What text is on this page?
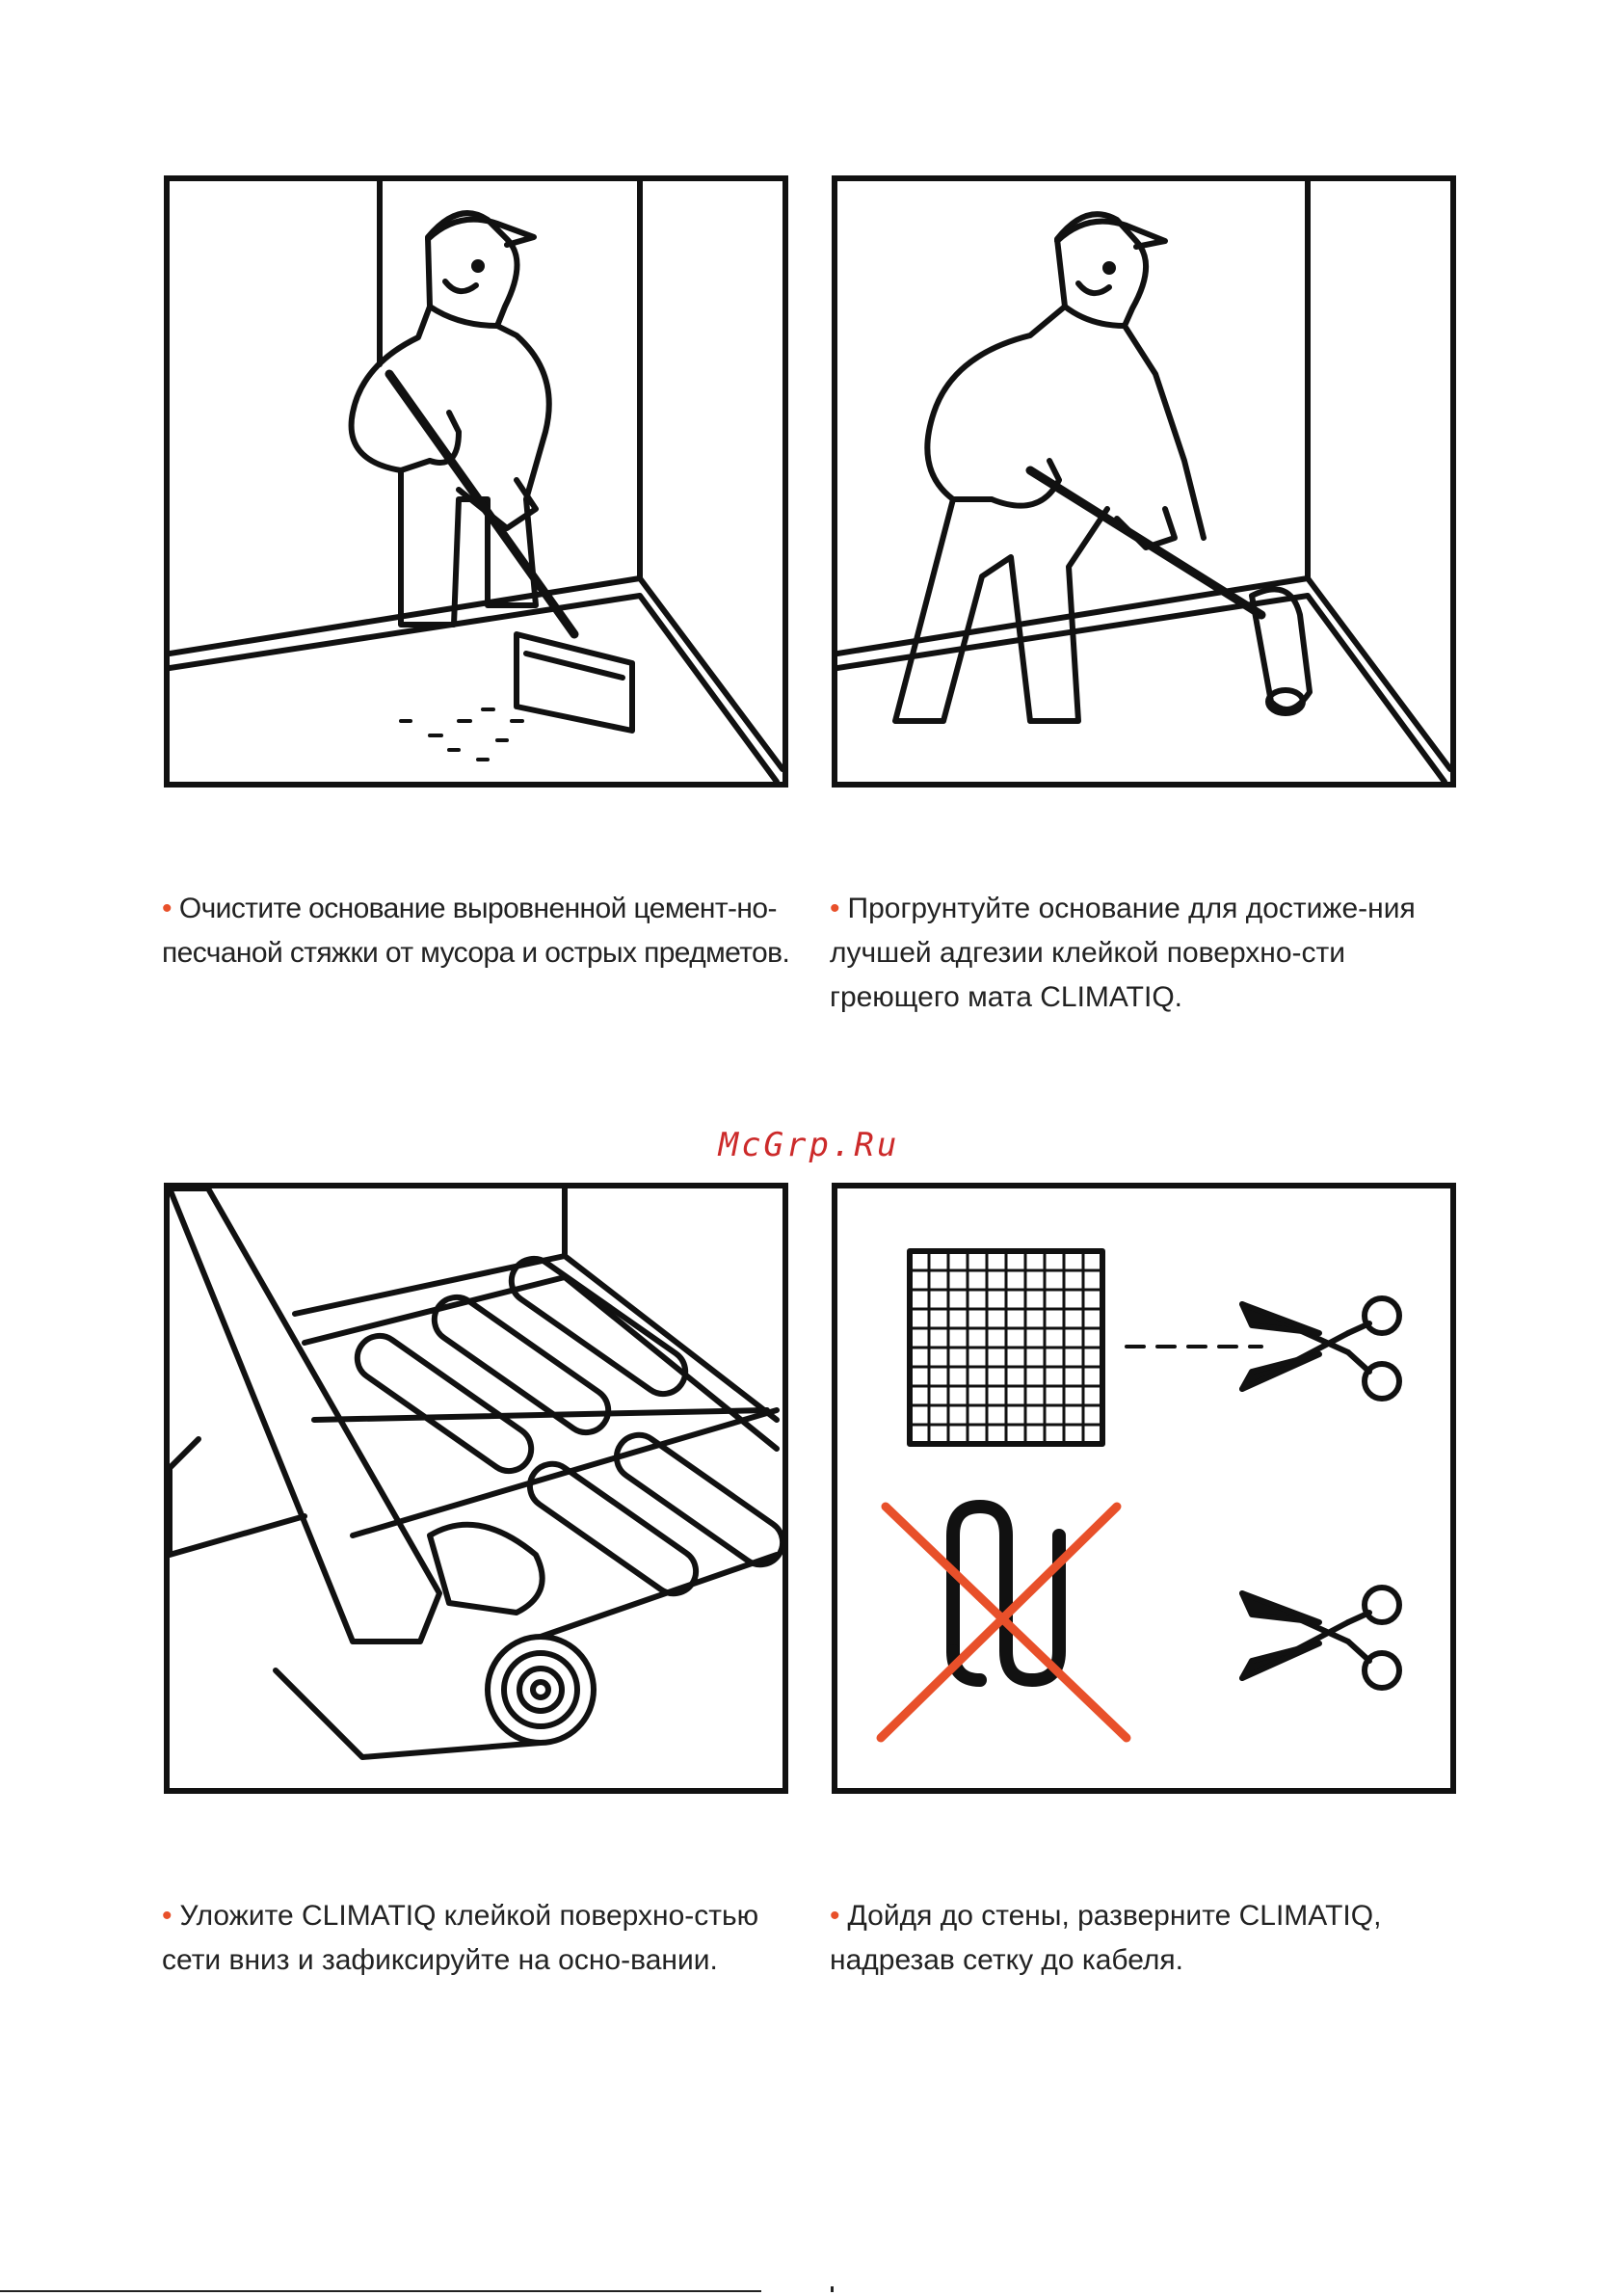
• Очистите основание выровненной цемент-но-песчаной стяжки от мусора и острых предметов.

• Прогрунтуйте основание для достиже-ния лучшей адгезии клейкой поверхно-сти греющего мата CLIMATIQ.

• Уложите CLIMATIQ клейкой поверхно-стью сети вниз и зафиксируйте на осно-вании.

• Дойдя до стены, разверните CLIMATIQ, надрезав сетку до кабеля.

McGrp.Ru
